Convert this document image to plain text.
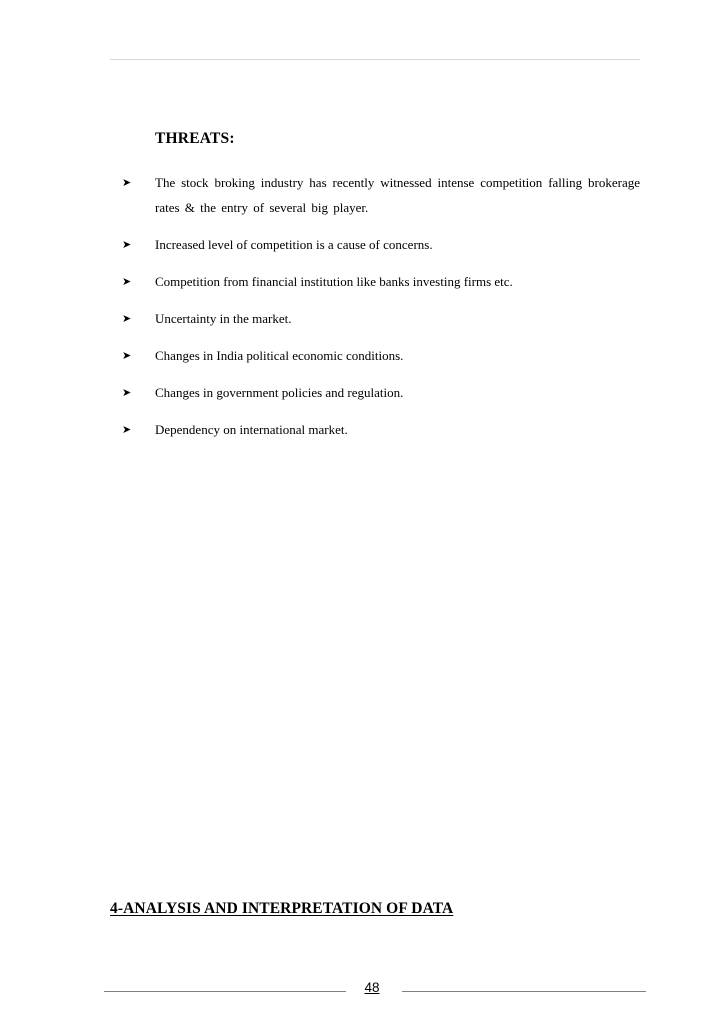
THREATS:
➤ The stock broking industry has recently witnessed intense competition falling brokerage rates & the entry of several big player.
➤ Increased level of competition is a cause of concerns.
➤ Competition from financial institution like banks investing firms etc.
➤ Uncertainty in the market.
➤ Changes in India political economic conditions.
➤ Changes in government policies and regulation.
➤ Dependency on international market.
4-ANALYSIS AND INTERPRETATION OF DATA
48
